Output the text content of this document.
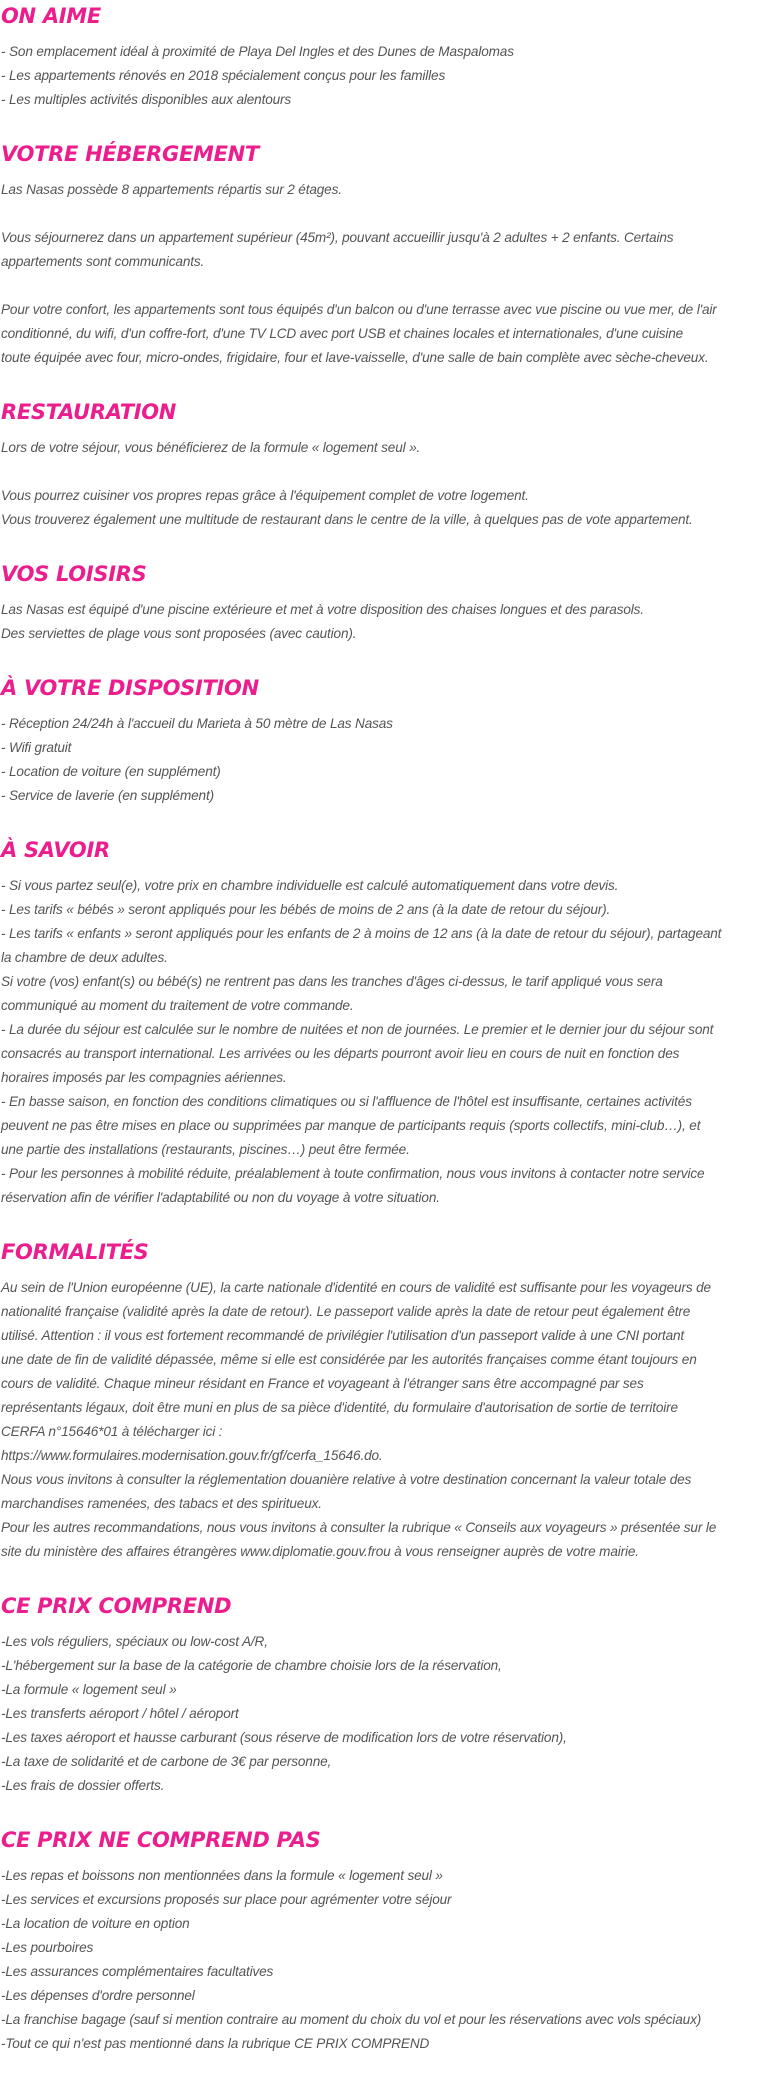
ON AIME

- Son emplacement idéal à proximité de Playa Del Ingles et des Dunes de Maspalomas

- Les appartements rénovés en 2018 spécialement conçus pour les familles

- Les multiples activités disponibles aux alentours

VOTRE HÉBERGEMENT

Las Nasas possède 8 appartements répartis sur 2 étages.

Vous séjournerez dans un appartement supérieur (45m²), pouvant accueillir jusqu'à 2 adultes + 2 enfants. Certains

appartements sont communicants.

Pour votre confort, les appartements sont tous équipés d'un balcon ou d'une terrasse avec vue piscine ou vue mer, de l'air

conditionné, du wifi, d'un coffre-fort, d'une TV LCD avec port USB et chaines locales et internationales, d'une cuisine

toute équipée avec four, micro-ondes, frigidaire, four et lave-vaisselle, d'une salle de bain complète avec sèche-cheveux.

RESTAURATION

Lors de votre séjour, vous bénéficierez de la formule « logement seul ».

Vous pourrez cuisiner vos propres repas grâce à l'équipement complet de votre logement.

Vous trouverez également une multitude de restaurant dans le centre de la ville, à quelques pas de vote appartement.

VOS LOISIRS

Las Nasas est équipé d'une piscine extérieure et met à votre disposition des chaises longues et des parasols.

Des serviettes de plage vous sont proposées (avec caution).

À VOTRE DISPOSITION

- Réception 24/24h à l'accueil du Marieta à 50 mètre de Las Nasas

- Wifi gratuit

- Location de voiture (en supplément)

- Service de laverie (en supplément)

À SAVOIR

- Si vous partez seul(e), votre prix en chambre individuelle est calculé automatiquement dans votre devis.

- Les tarifs « bébés » seront appliqués pour les bébés de moins de 2 ans (à la date de retour du séjour).

- Les tarifs « enfants » seront appliqués pour les enfants de 2 à moins de 12 ans (à la date de retour du séjour), partageant

la chambre de deux adultes.

Si votre (vos) enfant(s) ou bébé(s) ne rentrent pas dans les tranches d'âges ci-dessus, le tarif appliqué vous sera

communiqué au moment du traitement de votre commande.

- La durée du séjour est calculée sur le nombre de nuitées et non de journées. Le premier et le dernier jour du séjour sont

consacrés au transport international. Les arrivées ou les départs pourront avoir lieu en cours de nuit en fonction des

horaires imposés par les compagnies aériennes.

- En basse saison, en fonction des conditions climatiques ou si l'affluence de l'hôtel est insuffisante, certaines activités

peuvent ne pas être mises en place ou supprimées par manque de participants requis (sports collectifs, mini-club…), et

une partie des installations (restaurants, piscines…) peut être fermée.

- Pour les personnes à mobilité réduite, préalablement à toute confirmation, nous vous invitons à contacter notre service

réservation afin de vérifier l'adaptabilité ou non du voyage à votre situation.

FORMALITÉS

Au sein de l'Union européenne (UE), la carte nationale d'identité en cours de validité est suffisante pour les voyageurs de

nationalité française (validité après la date de retour). Le passeport valide après la date de retour peut également être

utilisé. Attention : il vous est fortement recommandé de privilégier l'utilisation d'un passeport valide à une CNI portant

une date de fin de validité dépassée, même si elle est considérée par les autorités françaises comme étant toujours en

cours de validité. Chaque mineur résidant en France et voyageant à l'étranger sans être accompagné par ses

représentants légaux, doit être muni en plus de sa pièce d'identité, du formulaire d'autorisation de sortie de territoire

CERFA n°15646*01 à télécharger ici :

https://www.formulaires.modernisation.gouv.fr/gf/cerfa_15646.do.

Nous vous invitons à consulter la réglementation douanière relative à votre destination concernant la valeur totale des

marchandises ramenées, des tabacs et des spiritueux.

Pour les autres recommandations, nous vous invitons à consulter la rubrique « Conseils aux voyageurs » présentée sur le

site du ministère des affaires étrangères www.diplomatie.gouv.frou à vous renseigner auprès de votre mairie.

CE PRIX COMPREND

-Les vols réguliers, spéciaux ou low-cost A/R,

-L'hébergement sur la base de la catégorie de chambre choisie lors de la réservation,

-La formule « logement seul »

-Les transferts aéroport / hôtel / aéroport

-Les taxes aéroport et hausse carburant (sous réserve de modification lors de votre réservation),

-La taxe de solidarité et de carbone de 3€ par personne,

-Les frais de dossier offerts.

CE PRIX NE COMPREND PAS

-Les repas et boissons non mentionnées dans la formule « logement seul »

-Les services et excursions proposés sur place pour agrémenter votre séjour

-La location de voiture en option

-Les pourboires

-Les assurances complémentaires facultatives

-Les dépenses d'ordre personnel

-La franchise bagage (sauf si mention contraire au moment du choix du vol et pour les réservations avec vols spéciaux)

-Tout ce qui n'est pas mentionné dans la rubrique CE PRIX COMPREND
